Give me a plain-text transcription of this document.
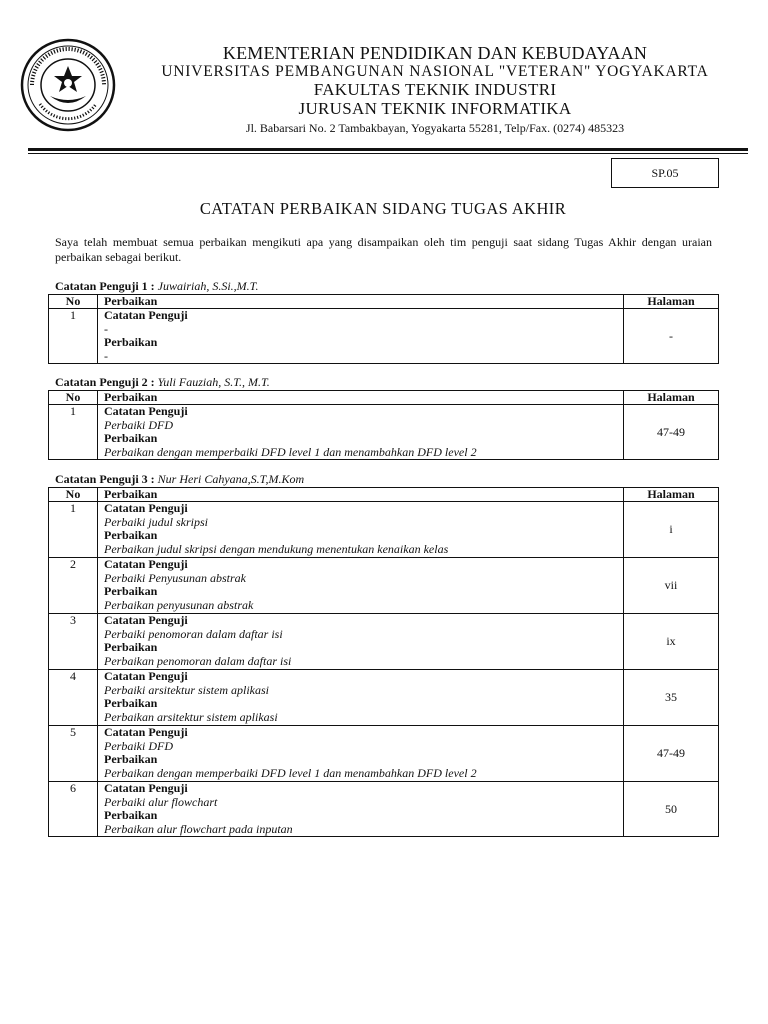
KEMENTERIAN PENDIDIKAN DAN KEBUDAYAAN
UNIVERSITAS PEMBANGUNAN NASIONAL "VETERAN" YOGYAKARTA
FAKULTAS TEKNIK INDUSTRI
JURUSAN TEKNIK INFORMATIKA
Jl. Babarsari No. 2 Tambakbayan, Yogyakarta 55281, Telp/Fax. (0274) 485323
SP.05
CATATAN PERBAIKAN SIDANG TUGAS AKHIR
Saya telah membuat semua perbaikan mengikuti apa yang disampaikan oleh tim penguji saat sidang Tugas Akhir dengan uraian perbaikan sebagai berikut.
Catatan Penguji 1 : Juwairiah, S.Si.,M.T.
No	Perbaikan	Halaman
1	Catatan Penguji
-
Perbaikan
-	-
Catatan Penguji 2 : Yuli Fauziah, S.T., M.T.
No	Perbaikan	Halaman
1	Catatan Penguji
Perbaiki DFD
Perbaikan
Perbaikan dengan memperbaiki DFD level 1 dan menambahkan DFD level 2	47-49
Catatan Penguji 3 : Nur Heri Cahyana,S.T,M.Kom
No	Perbaikan	Halaman
1	Catatan Penguji
Perbaiki judul skripsi
Perbaikan
Perbaikan judul skripsi dengan mendukung menentukan kenaikan kelas	i
2	Catatan Penguji
Perbaiki Penyusunan abstrak
Perbaikan
Perbaikan penyusunan abstrak	vii
3	Catatan Penguji
Perbaiki penomoran dalam daftar isi
Perbaikan
Perbaikan penomoran dalam daftar isi	ix
4	Catatan Penguji
Perbaiki arsitektur sistem aplikasi
Perbaikan
Perbaikan arsitektur sistem aplikasi	35
5	Catatan Penguji
Perbaiki DFD
Perbaikan
Perbaikan dengan memperbaiki DFD level 1 dan menambahkan DFD level 2	47-49
6	Catatan Penguji
Perbaiki alur flowchart
Perbaikan
Perbaikan alur flowchart pada inputan	50
